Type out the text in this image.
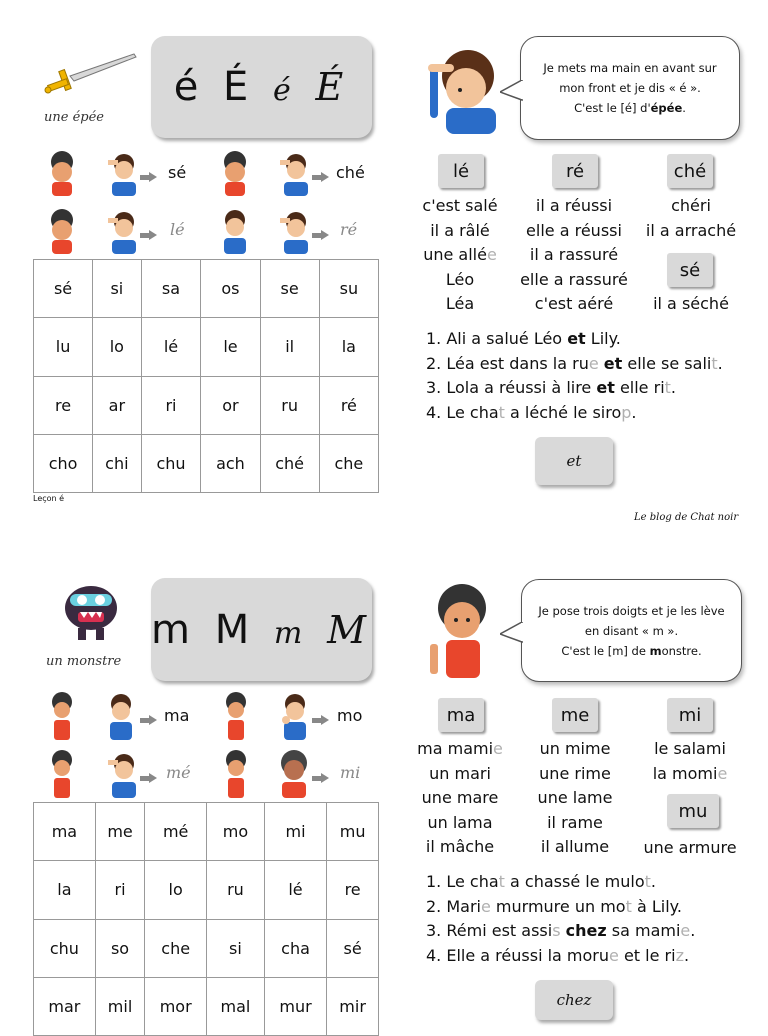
une épée
é É é É
sé	ché
lé	ré
sé	si	sa	os	se	su
lu	lo	lé	le	il	la
re	ar	ri	or	ru	ré
cho	chi	chu	ach	ché	che
Leçon é
Je mets ma main en avant sur
mon front et je dis « é ».
C'est le [é] d'épée.
lé	ré	ché
sé
c'est salé
il a râlé
une allée
Léo
Léa
il a réussi
elle a réussi
il a rassuré
elle a rassuré
c'est aéré
chéri
il a arraché
il a séché
1. Ali a salué Léo et Lily.
2. Léa est dans la rue et elle se salit.
3. Lola a réussi à lire et elle rit.
4. Le chat a léché le sirop.
et
Le blog de Chat noir
un monstre
m M m M
ma	mo
mé	mi
ma	me	mé	mo	mi	mu
la	ri	lo	ru	lé	re
chu	so	che	si	cha	sé
mar	mil	mor	mal	mur	mir
Je pose trois doigts et je les lève
en disant « m ».
C'est le [m] de monstre.
ma	me	mi
mu
ma mamie
un mari
une mare
un lama
il mâche
un mime
une rime
une lame
il rame
il allume
le salami
la momie
une armure
1. Le chat a chassé le mulot.
2. Marie murmure un mot à Lily.
3. Rémi est assis chez sa mamie.
4. Elle a réussi la morue et le riz.
chez
